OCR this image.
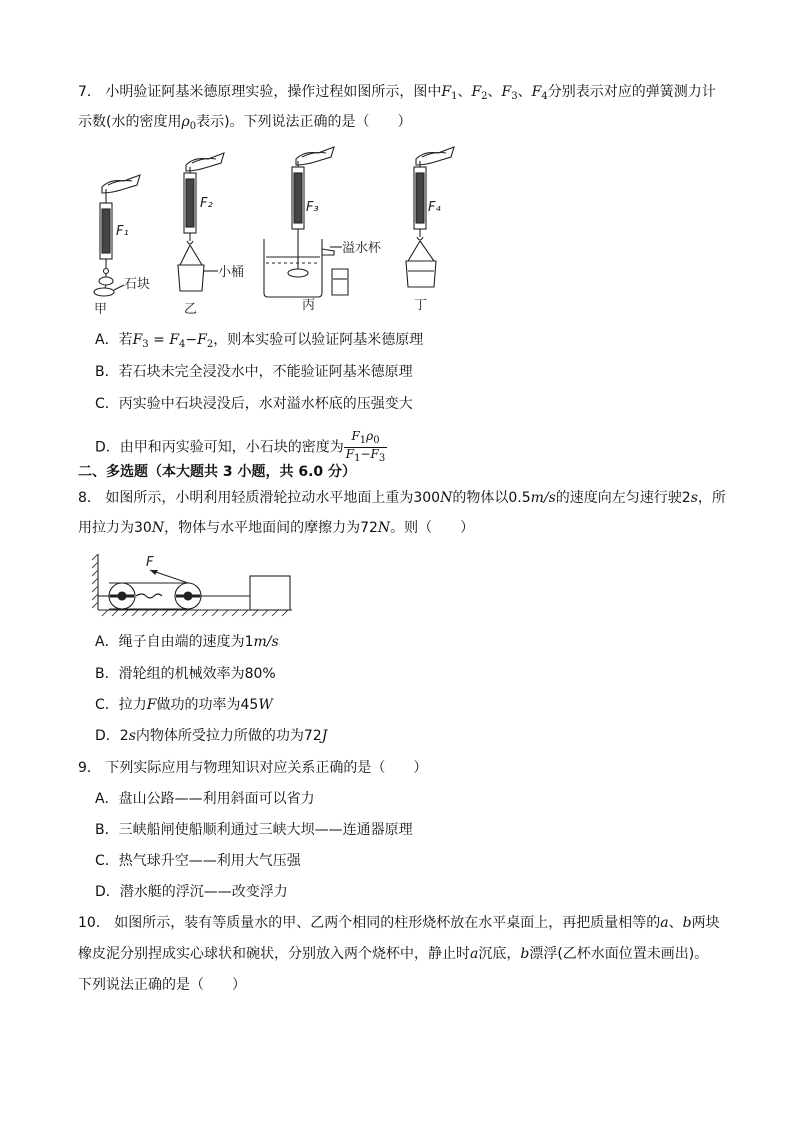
7． 小明验证阿基米德原理实验，操作过程如图所示，图中$F_1$、$F_2$、$F_3$、$F_4$分别表示对应的弹簧测力计
示数(水的密度用$\rho_0$表示)。下列说法正确的是（　　）
F₁
F₂	F₃	F₄
石块
小桶
溢水杯
甲	乙	丙	丁
A．若$F_3 = F_4-F_2$，则本实验可以验证阿基米德原理
B．若石块未完全浸没水中，不能验证阿基米德原理
C．丙实验中石块浸没后，水对溢水杯底的压强变大
D．由甲和丙实验可知，小石块的密度为 $\frac{F_1\rho_0}{F_1-F_3}$
二、多选题（本大题共 3 小题，共 6.0 分）
8． 如图所示，小明利用轻质滑轮拉动水平地面上重为300N的物体以0.5m/s的速度向左匀速行驶2s，所
用拉力为30N，物体与水平地面间的摩擦力为72N。则（　　）
F
A．绳子自由端的速度为1m/s
B．滑轮组的机械效率为80%
C．拉力F做功的功率为45W
D．2s内物体所受拉力所做的功为72J
9． 下列实际应用与物理知识对应关系正确的是（　　）
A．盘山公路——利用斜面可以省力
B．三峡船闸使船顺利通过三峡大坝——连通器原理
C．热气球升空——利用大气压强
D．潜水艇的浮沉——改变浮力
10． 如图所示，装有等质量水的甲、乙两个相同的柱形烧杯放在水平桌面上，再把质量相等的a、b两块
橡皮泥分别捏成实心球状和碗状，分别放入两个烧杯中，静止时a沉底，b漂浮(乙杯水面位置未画出)。
下列说法正确的是（　　）
